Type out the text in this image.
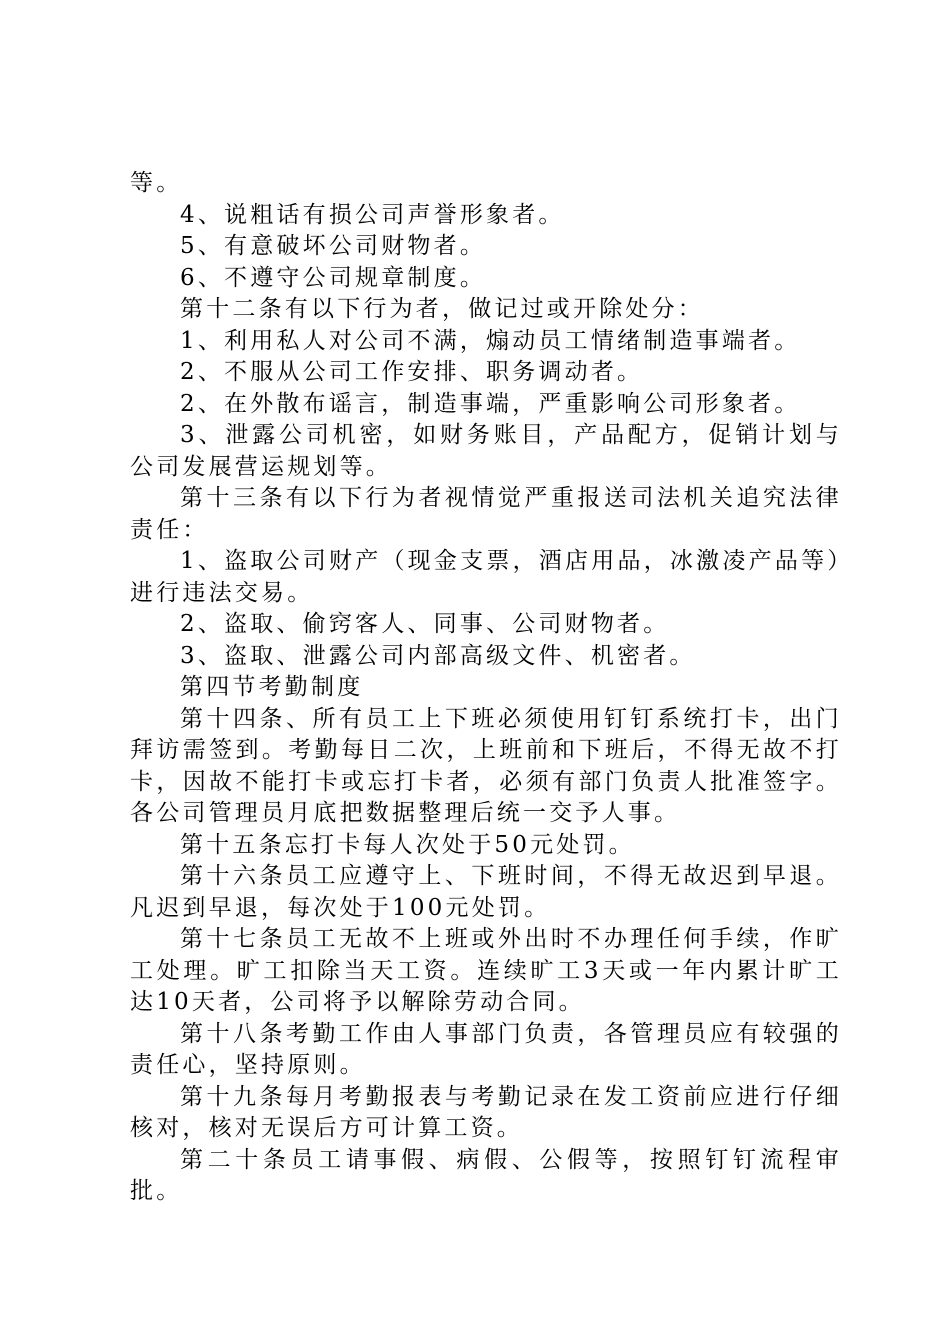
等。

4、说粗话有损公司声誉形象者。

5、有意破坏公司财物者。

6、不遵守公司规章制度。

第十二条有以下行为者，做记过或开除处分：

1、利用私人对公司不满，煽动员工情绪制造事端者。

2、不服从公司工作安排、职务调动者。

2、在外散布谣言，制造事端，严重影响公司形象者。

3、泄露公司机密，如财务账目，产品配方，促销计划与公司发展营运规划等。

第十三条有以下行为者视情觉严重报送司法机关追究法律责任：

1、盗取公司财产（现金支票，酒店用品，冰激凌产品等）进行违法交易。

2、盗取、偷窍客人、同事、公司财物者。

3、盗取、泄露公司内部高级文件、机密者。

第四节考勤制度

第十四条、所有员工上下班必须使用钉钉系统打卡，出门拜访需签到。考勤每日二次，上班前和下班后，不得无故不打卡，因故不能打卡或忘打卡者，必须有部门负责人批准签字。各公司管理员月底把数据整理后统一交予人事。

第十五条忘打卡每人次处于50元处罚。

第十六条员工应遵守上、下班时间，不得无故迟到早退。凡迟到早退，每次处于100元处罚。

第十七条员工无故不上班或外出时不办理任何手续，作旷工处理。旷工扣除当天工资。连续旷工3天或一年内累计旷工达10天者，公司将予以解除劳动合同。

第十八条考勤工作由人事部门负责，各管理员应有较强的责任心，坚持原则。

第十九条每月考勤报表与考勤记录在发工资前应进行仔细核对，核对无误后方可计算工资。

第二十条员工请事假、病假、公假等，按照钉钉流程审批。
